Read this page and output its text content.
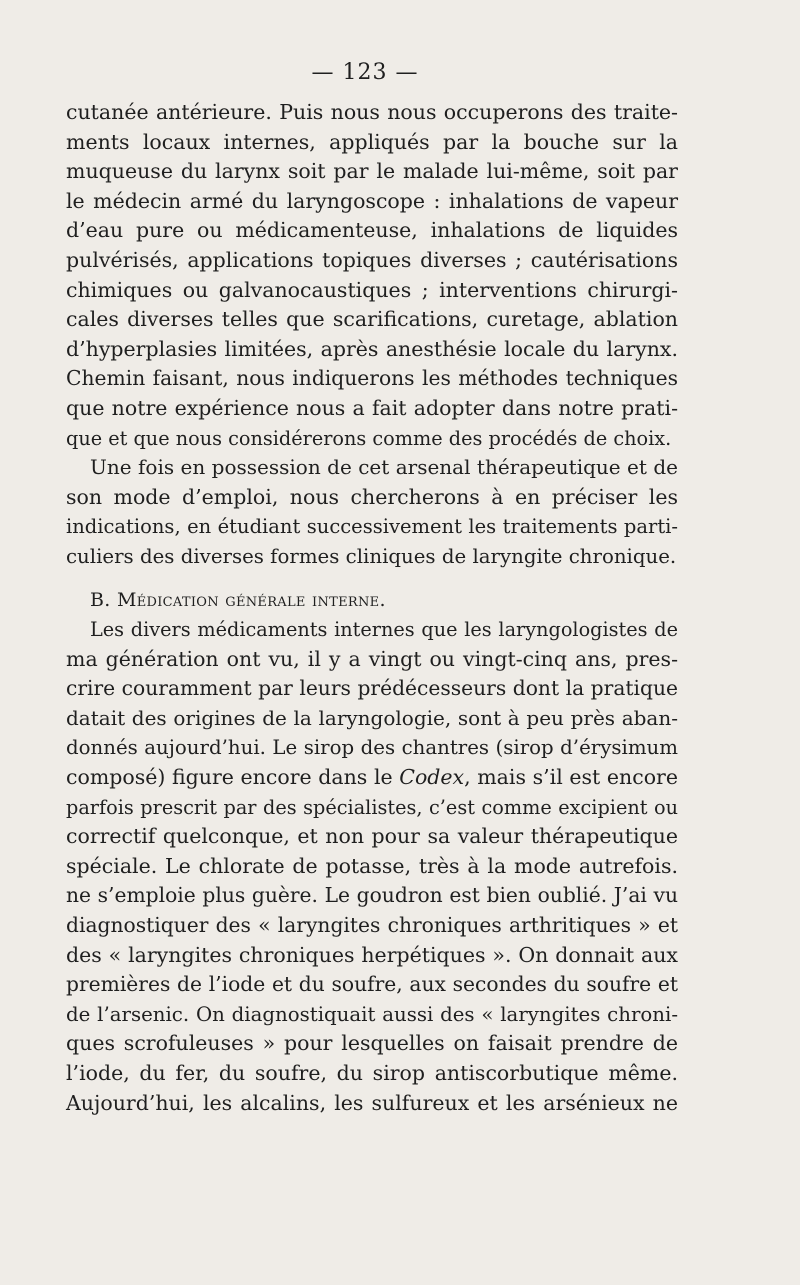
— 123 —
cutanée antérieure. Puis nous nous occuperons des traite-
ments locaux internes, appliqués par la bouche sur la
muqueuse du larynx soit par le malade lui-même, soit par
le médecin armé du laryngoscope : inhalations de vapeur
d’eau pure ou médicamenteuse, inhalations de liquides
pulvérisés, applications topiques diverses ; cautérisations
chimiques ou galvanocaustiques ; interventions chirurgi-
cales diverses telles que scarifications, curetage, ablation
d’hyperplasies limitées, après anesthésie locale du larynx.
Chemin faisant, nous indiquerons les méthodes techniques
que notre expérience nous a fait adopter dans notre prati-
que et que nous considérerons comme des procédés de choix.
Une fois en possession de cet arsenal thérapeutique et de
son mode d’emploi, nous chercherons à en préciser les
indications, en étudiant successivement les traitements parti-
culiers des diverses formes cliniques de laryngite chronique.
B. Médication générale interne.
Les divers médicaments internes que les laryngologistes de
ma génération ont vu, il y a vingt ou vingt-cinq ans, pres-
crire couramment par leurs prédécesseurs dont la pratique
datait des origines de la laryngologie, sont à peu près aban-
donnés aujourd’hui. Le sirop des chantres (sirop d’érysimum
composé) figure encore dans le Codex, mais s’il est encore
parfois prescrit par des spécialistes, c’est comme excipient ou
correctif quelconque, et non pour sa valeur thérapeutique
spéciale. Le chlorate de potasse, très à la mode autrefois.
ne s’emploie plus guère. Le goudron est bien oublié. J’ai vu
diagnostiquer des « laryngites chroniques arthritiques » et
des « laryngites chroniques herpétiques ». On donnait aux
premières de l’iode et du soufre, aux secondes du soufre et
de l’arsenic. On diagnostiquait aussi des « laryngites chroni-
ques scrofuleuses » pour lesquelles on faisait prendre de
l’iode, du fer, du soufre, du sirop antiscorbutique même.
Aujourd’hui, les alcalins, les sulfureux et les arsénieux ne
